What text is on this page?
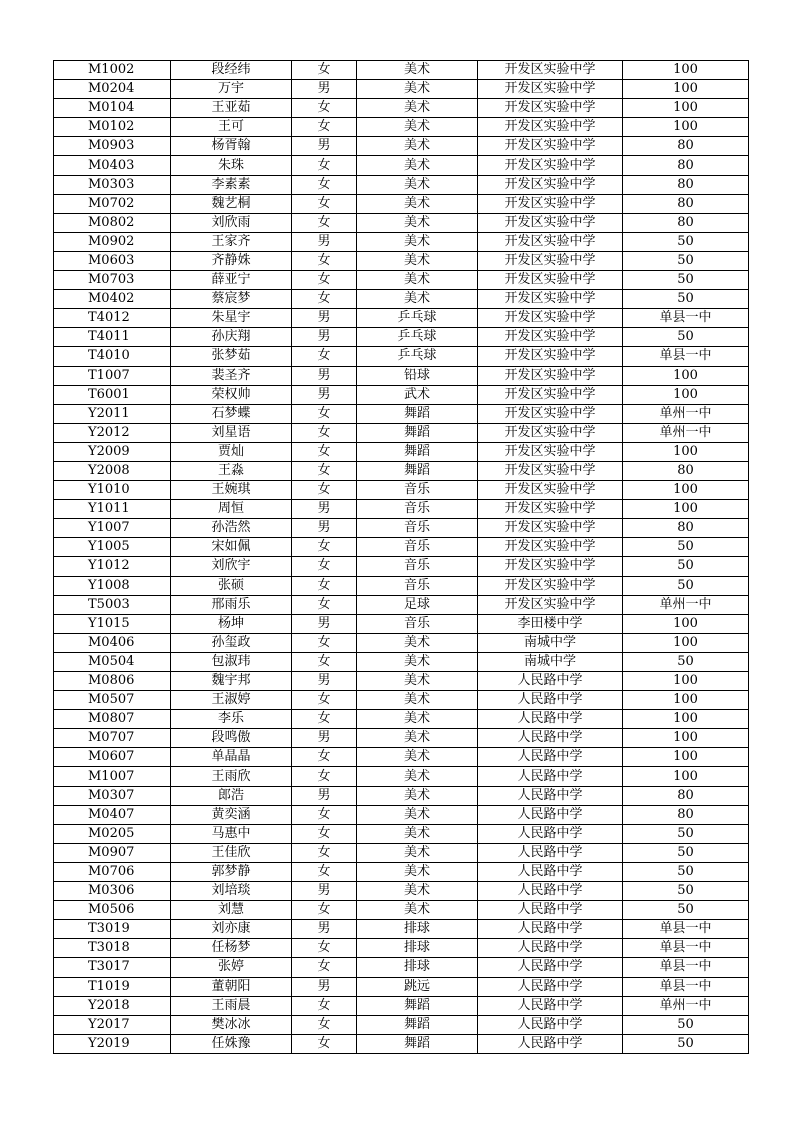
M1002	段经纬	女	美术	开发区实验中学	100
M0204	万宇	男	美术	开发区实验中学	100
M0104	王亚茹	女	美术	开发区实验中学	100
M0102	王可	女	美术	开发区实验中学	100
M0903	杨胥翰	男	美术	开发区实验中学	80
M0403	朱珠	女	美术	开发区实验中学	80
M0303	李素素	女	美术	开发区实验中学	80
M0702	魏艺桐	女	美术	开发区实验中学	80
M0802	刘欣雨	女	美术	开发区实验中学	80
M0902	王家齐	男	美术	开发区实验中学	50
M0603	齐静姝	女	美术	开发区实验中学	50
M0703	薛亚宁	女	美术	开发区实验中学	50
M0402	蔡宸梦	女	美术	开发区实验中学	50
T4012	朱星宇	男	乒乓球	开发区实验中学	单县一中
T4011	孙庆翔	男	乒乓球	开发区实验中学	50
T4010	张梦茹	女	乒乓球	开发区实验中学	单县一中
T1007	裴圣齐	男	铅球	开发区实验中学	100
T6001	荣权帅	男	武术	开发区实验中学	100
Y2011	石梦蝶	女	舞蹈	开发区实验中学	单州一中
Y2012	刘星语	女	舞蹈	开发区实验中学	单州一中
Y2009	贾灿	女	舞蹈	开发区实验中学	100
Y2008	王淼	女	舞蹈	开发区实验中学	80
Y1010	王婉琪	女	音乐	开发区实验中学	100
Y1011	周恒	男	音乐	开发区实验中学	100
Y1007	孙浩然	男	音乐	开发区实验中学	80
Y1005	宋如佩	女	音乐	开发区实验中学	50
Y1012	刘欣宇	女	音乐	开发区实验中学	50
Y1008	张硕	女	音乐	开发区实验中学	50
T5003	邢雨乐	女	足球	开发区实验中学	单州一中
Y1015	杨坤	男	音乐	李田楼中学	100
M0406	孙玺政	女	美术	南城中学	100
M0504	包淑玮	女	美术	南城中学	50
M0806	魏宇邦	男	美术	人民路中学	100
M0507	王淑婷	女	美术	人民路中学	100
M0807	李乐	女	美术	人民路中学	100
M0707	段鸣傲	男	美术	人民路中学	100
M0607	单晶晶	女	美术	人民路中学	100
M1007	王雨欣	女	美术	人民路中学	100
M0307	郎浩	男	美术	人民路中学	80
M0407	黄奕涵	女	美术	人民路中学	80
M0205	马惠中	女	美术	人民路中学	50
M0907	王佳欣	女	美术	人民路中学	50
M0706	郭梦静	女	美术	人民路中学	50
M0306	刘培琰	男	美术	人民路中学	50
M0506	刘慧	女	美术	人民路中学	50
T3019	刘亦康	男	排球	人民路中学	单县一中
T3018	任杨梦	女	排球	人民路中学	单县一中
T3017	张婷	女	排球	人民路中学	单县一中
T1019	董朝阳	男	跳远	人民路中学	单县一中
Y2018	王雨晨	女	舞蹈	人民路中学	单州一中
Y2017	樊冰冰	女	舞蹈	人民路中学	50
Y2019	任姝豫	女	舞蹈	人民路中学	50
